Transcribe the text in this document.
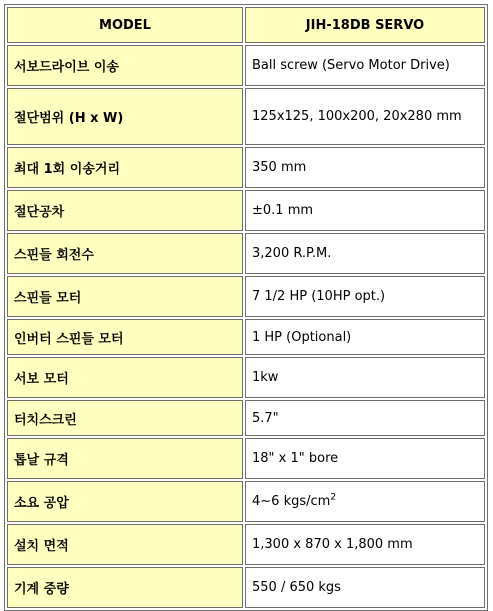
MODEL	JIH-18DB SERVO
서보드라이브 이송	Ball screw (Servo Motor Drive)
절단범위 (H x W)	125x125, 100x200, 20x280 mm
최대 1회 이송거리	350 mm
절단공차	±0.1 mm
스핀들 회전수	3,200 R.P.M.
스핀들 모터	7 1/2 HP (10HP opt.)
인버터 스핀들 모터	1 HP (Optional)
서보 모터	1kw
터치스크린	5.7"
톱날 규격	18" x 1" bore
소요 공압	4~6 kgs/$cm^2$
설치 면적	1,300 x 870 x 1,800 mm
기계 중량	550 / 650 kgs
